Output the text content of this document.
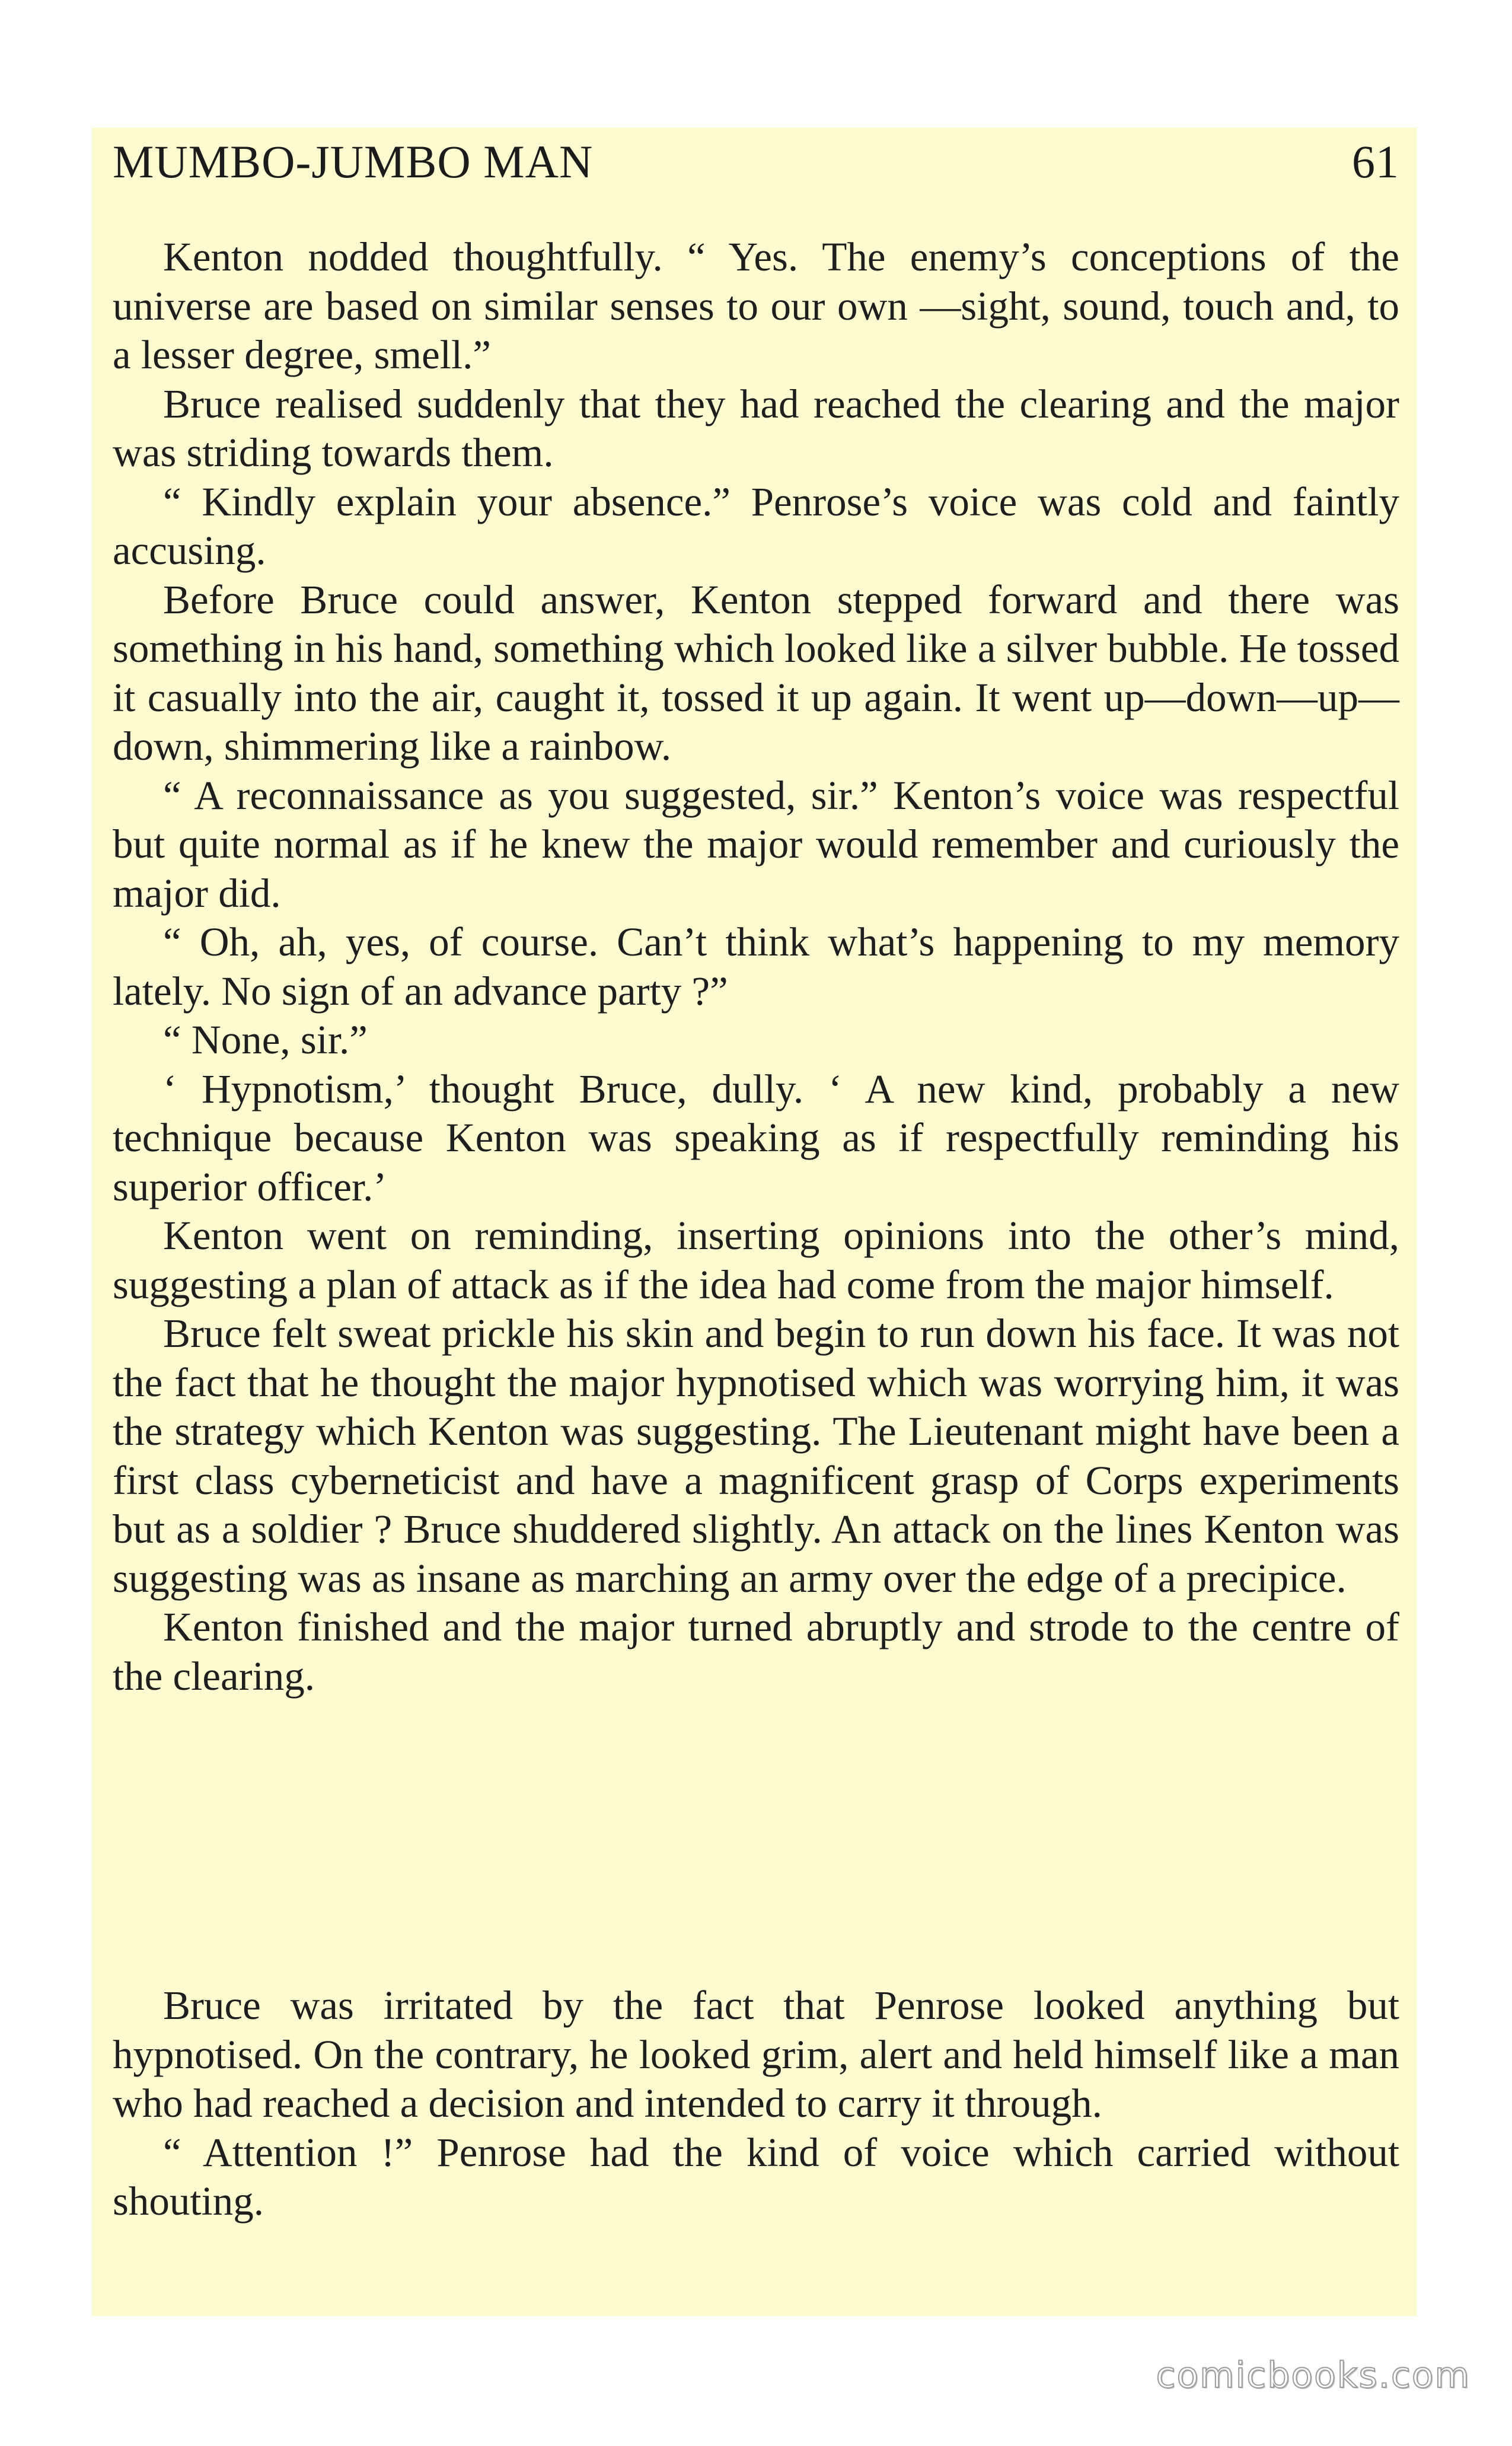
MUMBO-JUMBO MAN	61

Kenton nodded thoughtfully. “ Yes. The enemy’s conceptions of the universe are based on similar senses to our own —sight, sound, touch and, to a lesser degree, smell.”

Bruce realised suddenly that they had reached the clearing and the major was striding towards them.

“ Kindly explain your absence.” Penrose’s voice was cold and faintly accusing.

Before Bruce could answer, Kenton stepped forward and there was something in his hand, something which looked like a silver bubble. He tossed it casually into the air, caught it, tossed it up again. It went up—down—up—down, shimmering like a rainbow.

“ A reconnaissance as you suggested, sir.” Kenton’s voice was respectful but quite normal as if he knew the major would remember and curiously the major did.

“ Oh, ah, yes, of course. Can’t think what’s happening to my memory lately. No sign of an advance party ?”

“ None, sir.”

‘ Hypnotism,’ thought Bruce, dully. ‘ A new kind, probably a new technique because Kenton was speaking as if respectfully reminding his superior officer.’

Kenton went on reminding, inserting opinions into the other’s mind, suggesting a plan of attack as if the idea had come from the major himself.

Bruce felt sweat prickle his skin and begin to run down his face. It was not the fact that he thought the major hypnotised which was worrying him, it was the strategy which Kenton was suggesting. The Lieutenant might have been a first class cyberneticist and have a magnificent grasp of Corps experiments but as a soldier ? Bruce shuddered slightly. An attack on the lines Kenton was suggesting was as insane as marching an army over the edge of a precipice.

Kenton finished and the major turned abruptly and strode to the centre of the clearing.

Bruce was irritated by the fact that Penrose looked anything but hypnotised. On the contrary, he looked grim, alert and held himself like a man who had reached a decision and intended to carry it through.

“ Attention !” Penrose had the kind of voice which carried without shouting.

comicbooks.com
